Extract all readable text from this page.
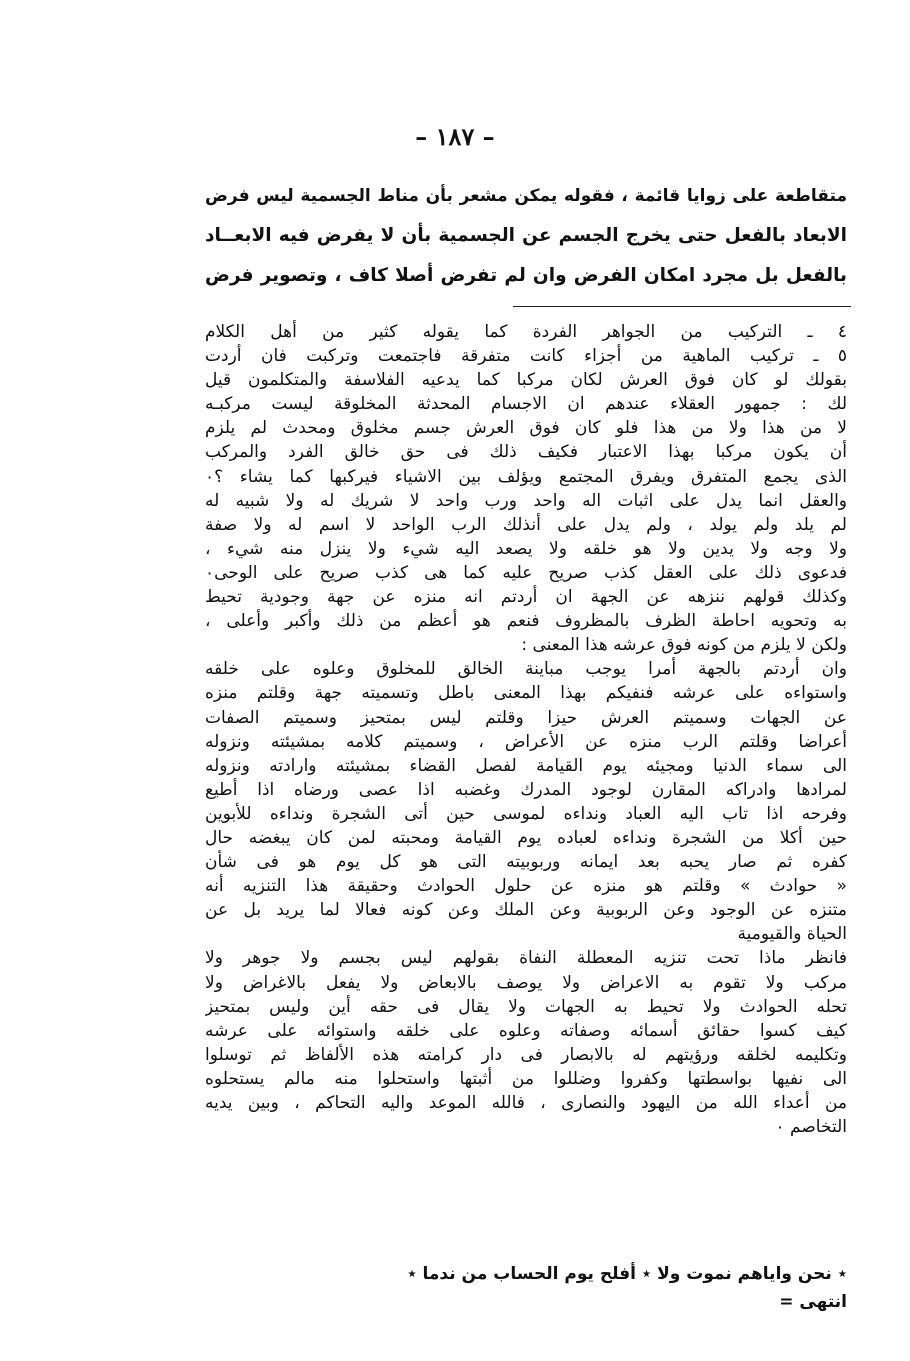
– ١٨٧ –
متقاطعة على زوايا قائمة ، فقوله يمكن مشعر بأن مناط الجسمية ليس فرض
الابعاد بالفعل حتى يخرج الجسم عن الجسمية بأن لا يفرض فيه الابعــاد
بالفعل بل مجرد امكان الفرض وان لم تفرض أصلا كاف ، وتصوير فرض
٤ ـ التركيب من الجواهر الفردة كما يقوله كثير من أهل الكلام
٥ ـ تركيب الماهية من أجزاء كانت متفرقة فاجتمعت وتركبت فان أردت
بقولك لو كان فوق العرش لكان مركبا كما يدعيه الفلاسفة والمتكلمون قيل
لك : جمهور العقلاء عندهم ان الاجسام المحدثة المخلوقة ليست مركبـه
لا من هذا ولا من هذا فلو كان فوق العرش جسم مخلوق ومحدث لم يلزم
أن يكون مركبا بهذا الاعتبار فكيف ذلك فى حق خالق الفرد والمركب
الذى يجمع المتفرق ويفرق المجتمع ويؤلف بين الاشياء فيركبها كما يشاء ؟٠
والعقل انما يدل على اثبات اله واحد ورب واحد لا شريك له ولا شبيه له
لم يلد ولم يولد ، ولم يدل على أنذلك الرب الواحد لا اسم له ولا صفة
ولا وجه ولا يدين ولا هو خلقه ولا يصعد اليه شيء ولا ينزل منه شيء ،
فدعوى ذلك على العقل كذب صريح عليه كما هى كذب صريح على الوحى٠
وكذلك قولهم ننزهه عن الجهة ان أردتم انه منزه عن جهة وجودية تحيط
به وتحويه احاطة الظرف بالمظروف فنعم هو أعظم من ذلك وأكبر وأعلى ،
ولكن لا يلزم من كونه فوق عرشه هذا المعنى :
وان أردتم بالجهة أمرا يوجب مباينة الخالق للمخلوق وعلوه على خلقه
واستواءه على عرشه فنفيكم بهذا المعنى باطل وتسميته جهة وقلتم منزه
عن الجهات وسميتم العرش حيزا وقلتم ليس بمتحيز وسميتم الصفات
أعراضا وقلتم الرب منزه عن الأعراض ، وسميتم كلامه بمشيئته ونزوله
الى سماء الدنيا ومجيئه يوم القيامة لفصل القضاء بمشيئته وارادته ونزوله
لمرادها وادراكه المقارن لوجود المدرك وغضبه اذا عصى ورضاه اذا أطيع
وفرحه اذا تاب اليه العباد ونداءه لموسى حين أتى الشجرة ونداءه للأبوين
حين أكلا من الشجرة ونداءه لعباده يوم القيامة ومحبته لمن كان يبغضه حال
كفره ثم صار يحبه بعد ايمانه وربوبيته التى هو كل يوم هو فى شأن
« حوادث » وقلتم هو منزه عن حلول الحوادث وحقيقة هذا التنزيه أنه
متنزه عن الوجود وعن الربوبية وعن الملك وعن كونه فعالا لما يريد بل عن
الحياة والقيومية
فانظر ماذا تحت تنزيه المعطلة النفاة بقولهم ليس بجسم ولا جوهر ولا
مركب ولا تقوم به الاعراض ولا يوصف بالابعاض ولا يفعل بالاغراض ولا
تحله الحوادث ولا تحيط به الجهات ولا يقال فى حقه أين وليس بمتحيز
كيف كسوا حقائق أسمائه وصفاته وعلوه على خلقه واستوائه على عرشه
وتكليمه لخلقه ورؤيتهم له بالابصار فى دار كرامته هذه الألفاظ ثم توسلوا
الى نفيها بواسطتها وكفروا وضللوا من أثبتها واستحلوا منه مالم يستحلوه
من أعداء الله من اليهود والنصارى ، فالله الموعد واليه التحاكم ، وبين يديه
التخاصم ٠
٭ نحن واياهم نموت ولا ٭ أفلح يوم الحساب من ندما ٭
انتهى =
